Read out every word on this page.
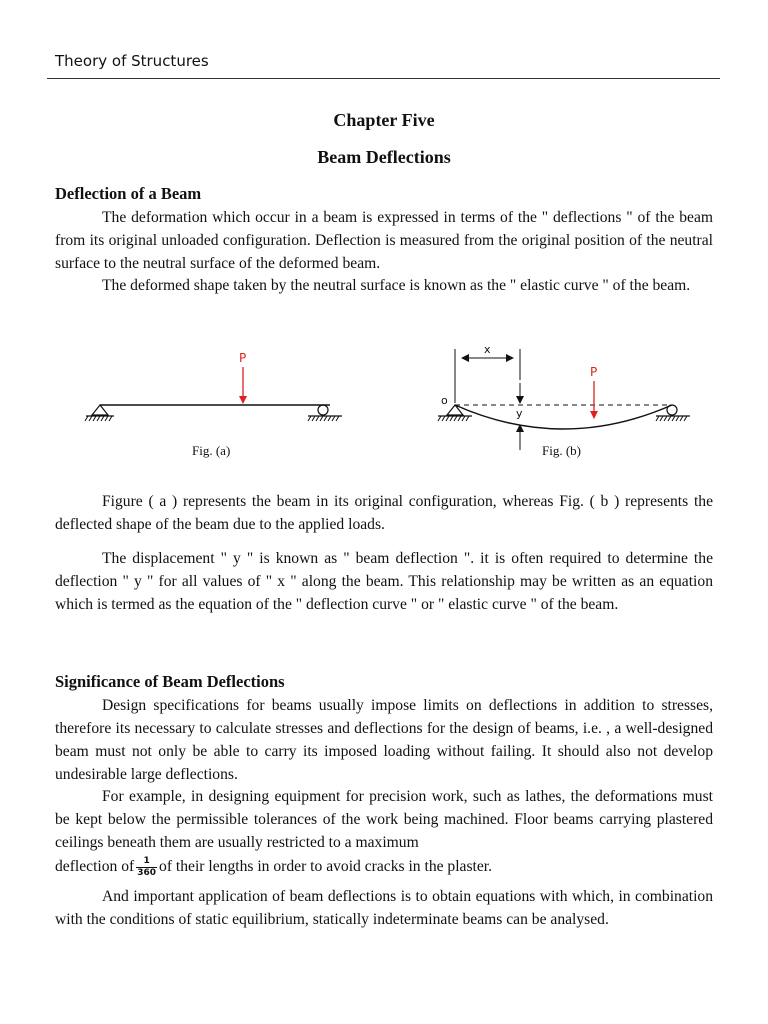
Theory of Structures
Chapter Five
Beam Deflections
Deflection of a Beam

The deformation which occur in a beam is expressed in terms of the " deflections " of the beam from its original unloaded configuration. Deflection is measured from the original position of the neutral surface to the neutral surface of the deformed beam.

The deformed shape taken by the neutral surface is known as the " elastic curve " of the beam.

P
o
x
y
P
Fig. (a)	Fig. (b)

Figure ( a ) represents the beam in its original configuration, whereas Fig. ( b ) represents the deflected shape of the beam due to the applied loads.

The displacement " y " is known as " beam deflection ". it is often required to determine the deflection " y " for all values of " x " along the beam. This relationship may be written as an equation which is termed as the equation of the " deflection curve " or " elastic curve " of the beam.

Significance of Beam Deflections

Design specifications for beams usually impose limits on deflections in addition to stresses, therefore its necessary to calculate stresses and deflections for the design of beams, i.e. , a well-designed beam must not only be able to carry its imposed loading without failing. It should also not develop undesirable large deflections.

For example, in designing equipment for precision work, such as lathes, the deformations must be kept below the permissible tolerances of the work being machined. Floor beams carrying plastered ceilings beneath them are usually restricted to a maximum

deflection of $\frac{1}{360}$ of their lengths in order to avoid cracks in the plaster.

And important application of beam deflections is to obtain equations with which, in combination with the conditions of static equilibrium, statically indeterminate beams can be analysed.
